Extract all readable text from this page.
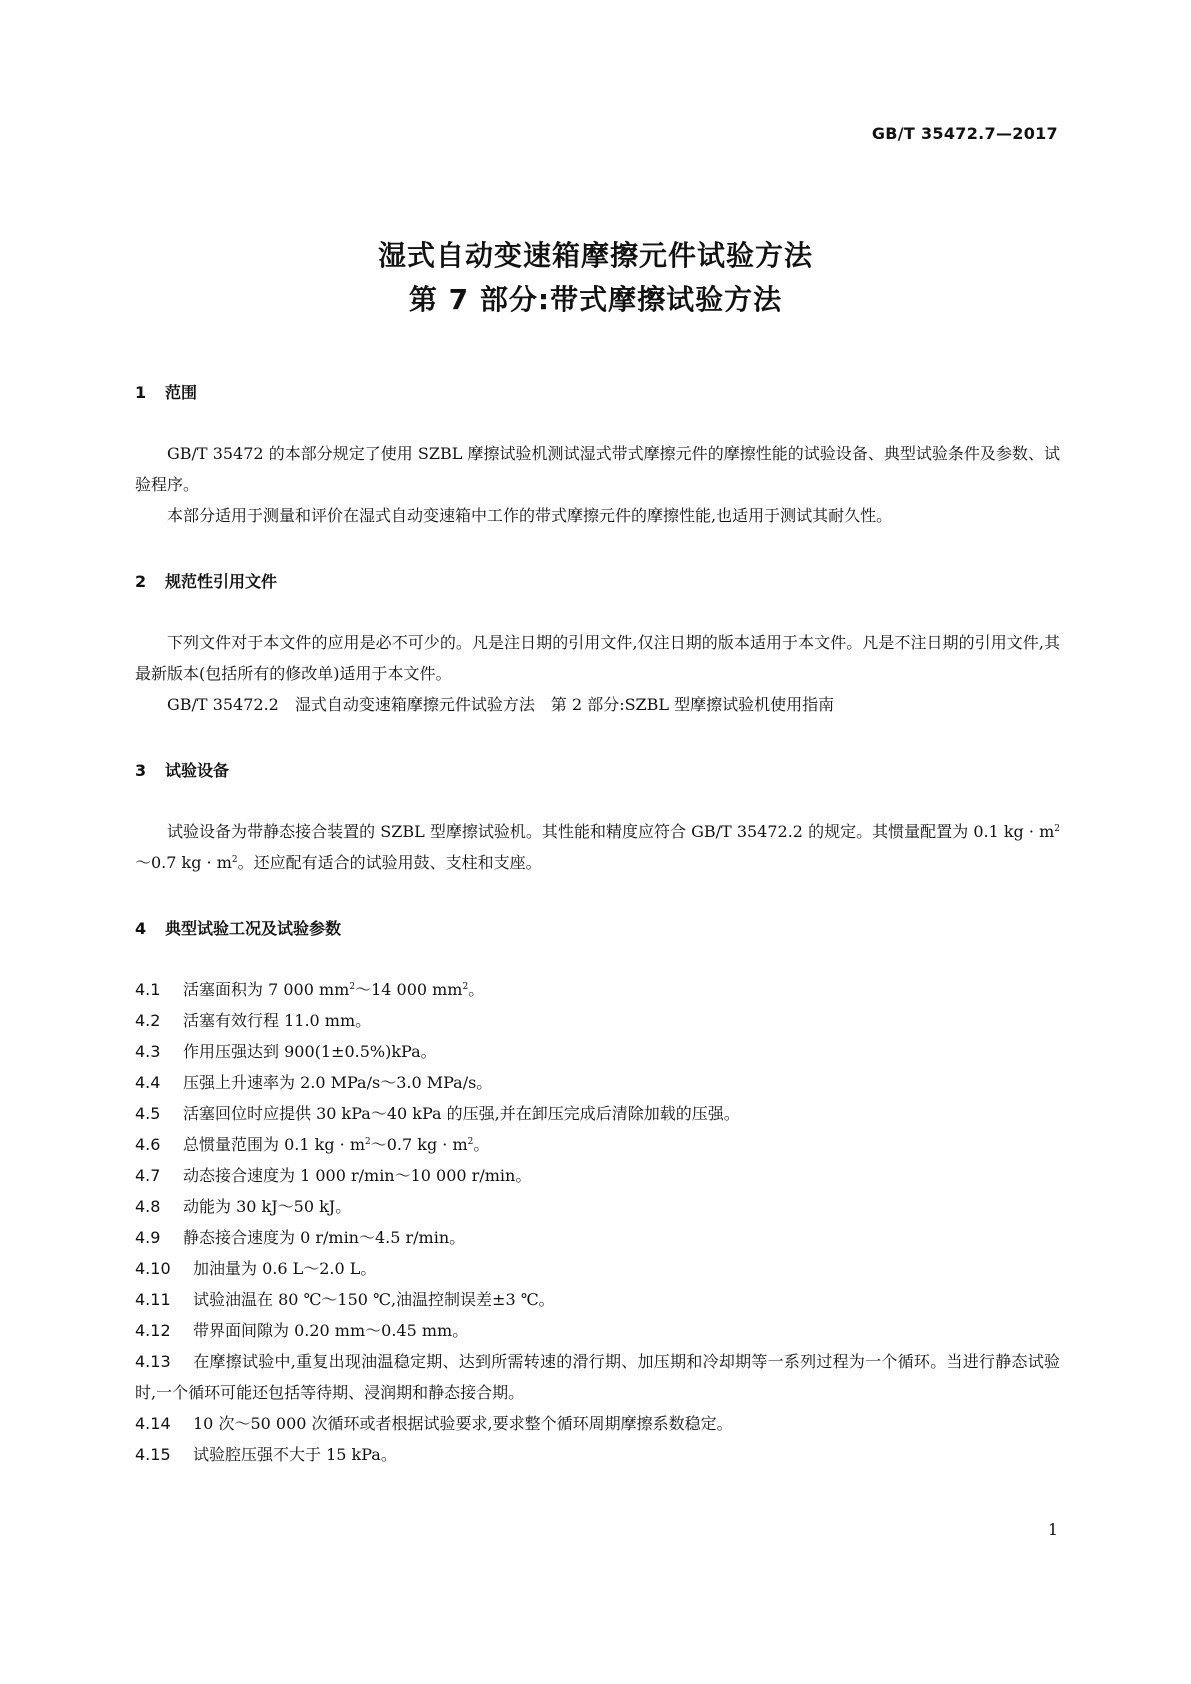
GB/T 35472.7—2017
湿式自动变速箱摩擦元件试验方法
第 7 部分:带式摩擦试验方法
1 范围

GB/T 35472 的本部分规定了使用 SZBL 摩擦试验机测试湿式带式摩擦元件的摩擦性能的试验设备、典型试验条件及参数、试验程序。

本部分适用于测量和评价在湿式自动变速箱中工作的带式摩擦元件的摩擦性能,也适用于测试其耐久性。

2 规范性引用文件

下列文件对于本文件的应用是必不可少的。凡是注日期的引用文件,仅注日期的版本适用于本文件。凡是不注日期的引用文件,其最新版本(包括所有的修改单)适用于本文件。

GB/T 35472.2　湿式自动变速箱摩擦元件试验方法　第 2 部分:SZBL 型摩擦试验机使用指南

3 试验设备

试验设备为带静态接合装置的 SZBL 型摩擦试验机。其性能和精度应符合 GB/T 35472.2 的规定。其惯量配置为 0.1 kg · $m^2\sim 0.7$ kg · $m^2$。还应配有适合的试验用鼓、支柱和支座。

4 典型试验工况及试验参数

4.1 活塞面积为 7 000 $mm^2\sim 14$ 000 $mm^2$。

4.2 活塞有效行程 11.0 mm。

4.3 作用压强达到 900(1±0.5%)kPa。

4.4 压强上升速率为 2.0 MPa/s～3.0 MPa/s。

4.5 活塞回位时应提供 30 kPa～40 kPa 的压强,并在卸压完成后清除加载的压强。

4.6 总惯量范围为 0.1 kg · $m^2\sim 0.7$ kg · $m^2$。

4.7 动态接合速度为 1 000 r/min～10 000 r/min。

4.8 动能为 30 kJ～50 kJ。

4.9 静态接合速度为 0 r/min～4.5 r/min。

4.10 加油量为 0.6 L～2.0 L。

4.11 试验油温在 80 ℃～150 ℃,油温控制误差±3 ℃。

4.12 带界面间隙为 0.20 mm～0.45 mm。

4.13 在摩擦试验中,重复出现油温稳定期、达到所需转速的滑行期、加压期和冷却期等一系列过程为一个循环。当进行静态试验时,一个循环可能还包括等待期、浸润期和静态接合期。

4.14 10 次～50 000 次循环或者根据试验要求,要求整个循环周期摩擦系数稳定。

4.15 试验腔压强不大于 15 kPa。

1
